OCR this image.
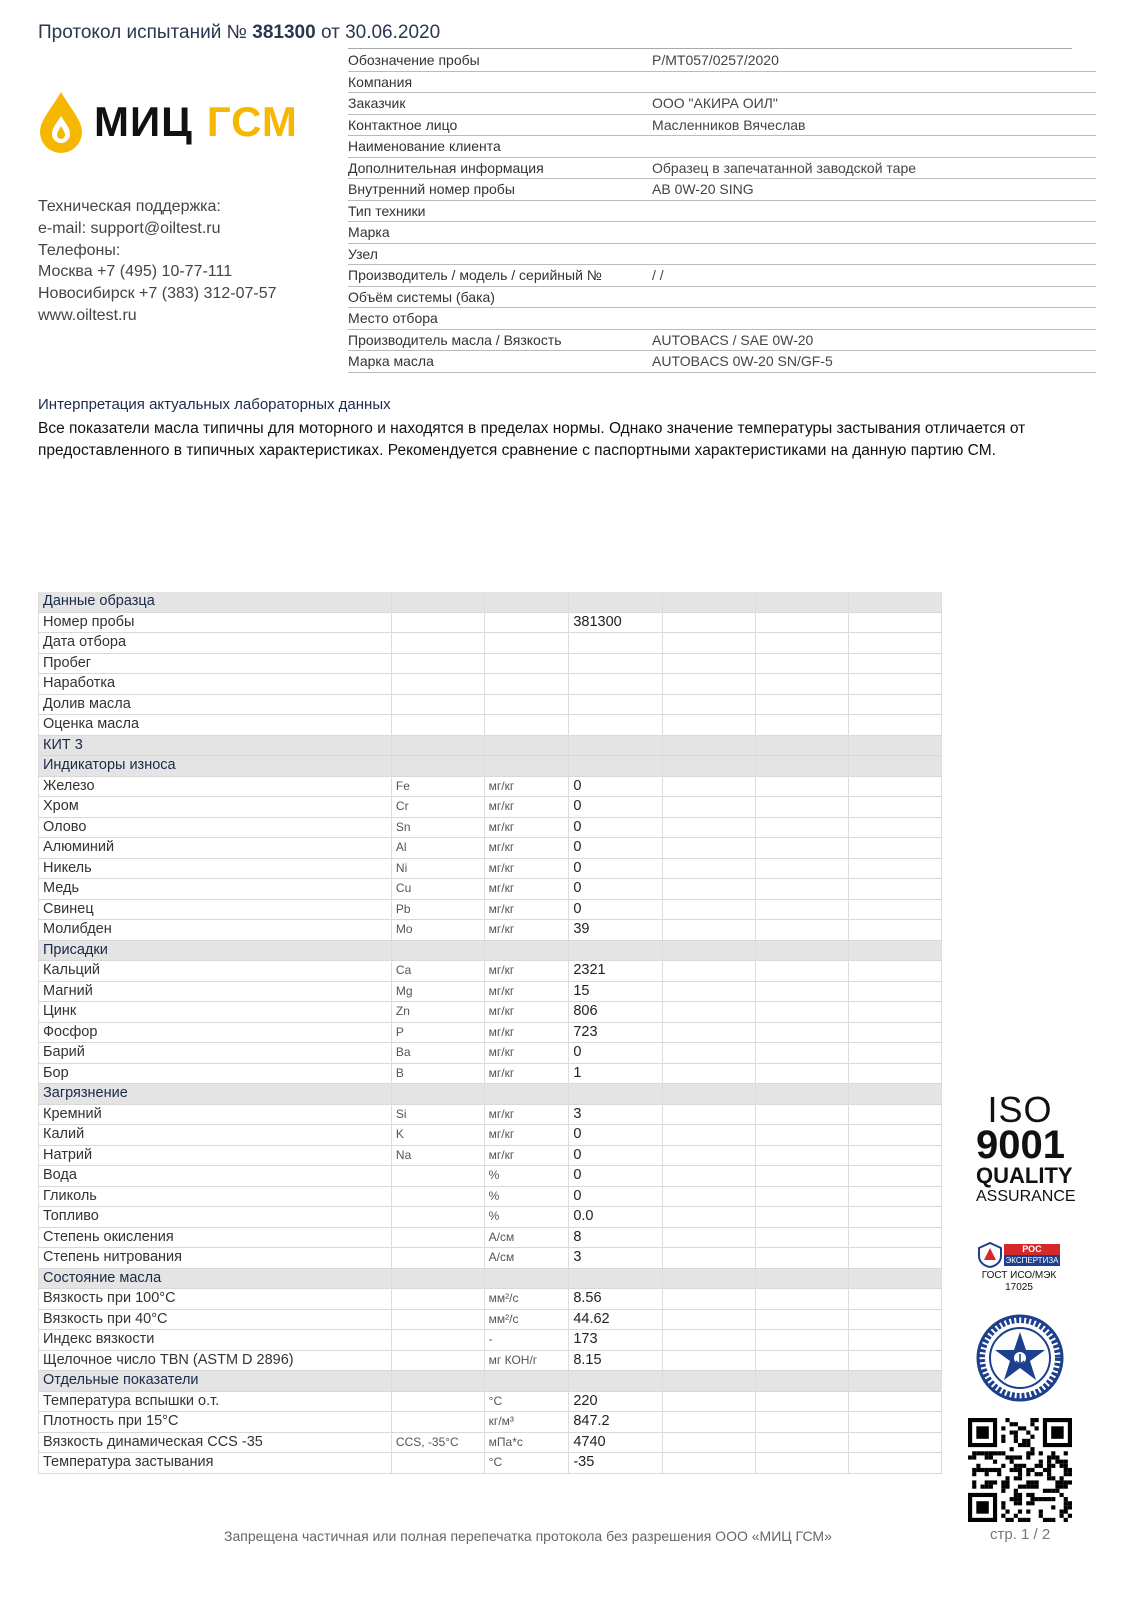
Протокол испытаний № 381300 от 30.06.2020
Обозначение пробы	Р/МТ057/0257/2020
Компания
Заказчик	ООО "АКИРА ОИЛ"
Контактное лицо	Масленников Вячеслав
Наименование клиента
Дополнительная информация	Образец в запечатанной заводской таре
Внутренний номер пробы	АВ 0W-20 SING
Тип техники
Марка
Узел
Производитель / модель / серийный №	/ /
Объём системы (бака)
Место отбора
Производитель масла / Вязкость	AUTOBACS / SAE 0W-20
Марка масла	AUTOBACS 0W-20 SN/GF-5
МИЦ ГСМ
Техническая поддержка:
e-mail: support@oiltest.ru
Телефоны:
Москва +7 (495) 10-77-111
Новосибирск +7 (383) 312-07-57
www.oiltest.ru
Интерпретация актуальных лабораторных данных
Все показатели масла типичны для моторного и находятся в пределах нормы. Однако значение температуры застывания отличается от предоставленного в типичных характеристиках. Рекомендуется сравнение с паспортными характеристиками на данную партию СМ.
Данные образца						
Номер пробы			381300			
Дата отбора						
Пробег						
Наработка						
Долив масла						
Оценка масла						
КИТ 3						
Индикаторы износа						
Железо	Fe	мг/кг	0			
Хром	Cr	мг/кг	0			
Олово	Sn	мг/кг	0			
Алюминий	Al	мг/кг	0			
Никель	Ni	мг/кг	0			
Медь	Cu	мг/кг	0			
Свинец	Pb	мг/кг	0			
Молибден	Mo	мг/кг	39			
Присадки						
Кальций	Ca	мг/кг	2321			
Магний	Mg	мг/кг	15			
Цинк	Zn	мг/кг	806			
Фосфор	P	мг/кг	723			
Барий	Ba	мг/кг	0			
Бор	B	мг/кг	1			
Загрязнение						
Кремний	Si	мг/кг	3			
Калий	K	мг/кг	0			
Натрий	Na	мг/кг	0			
Вода		%	0			
Гликоль		%	0			
Топливо		%	0.0			
Степень окисления		А/см	8			
Степень нитрования		А/см	3			
Состояние масла						
Вязкость при 100°С		мм²/с	8.56			
Вязкость при 40°С		мм²/с	44.62			
Индекс вязкости		-	173			
Щелочное число TBN (ASTM D 2896)		мг КОН/г	8.15			
Отдельные показатели						
Температура вспышки о.т.		°С	220			
Плотность при 15°С		кг/м³	847.2			
Вязкость динамическая CCS -35	CCS, -35°С	мПа*с	4740			
Температура застывания		°С	-35			
ISO
9001
QUALITY
ASSURANCE
РОС
ЭКСПЕРТИЗА
ГОСТ ИСО/МЭК 17025
Запрещена частичная или полная перепечатка протокола без разрешения ООО «МИЦ ГСМ»	стр. 1 / 2
